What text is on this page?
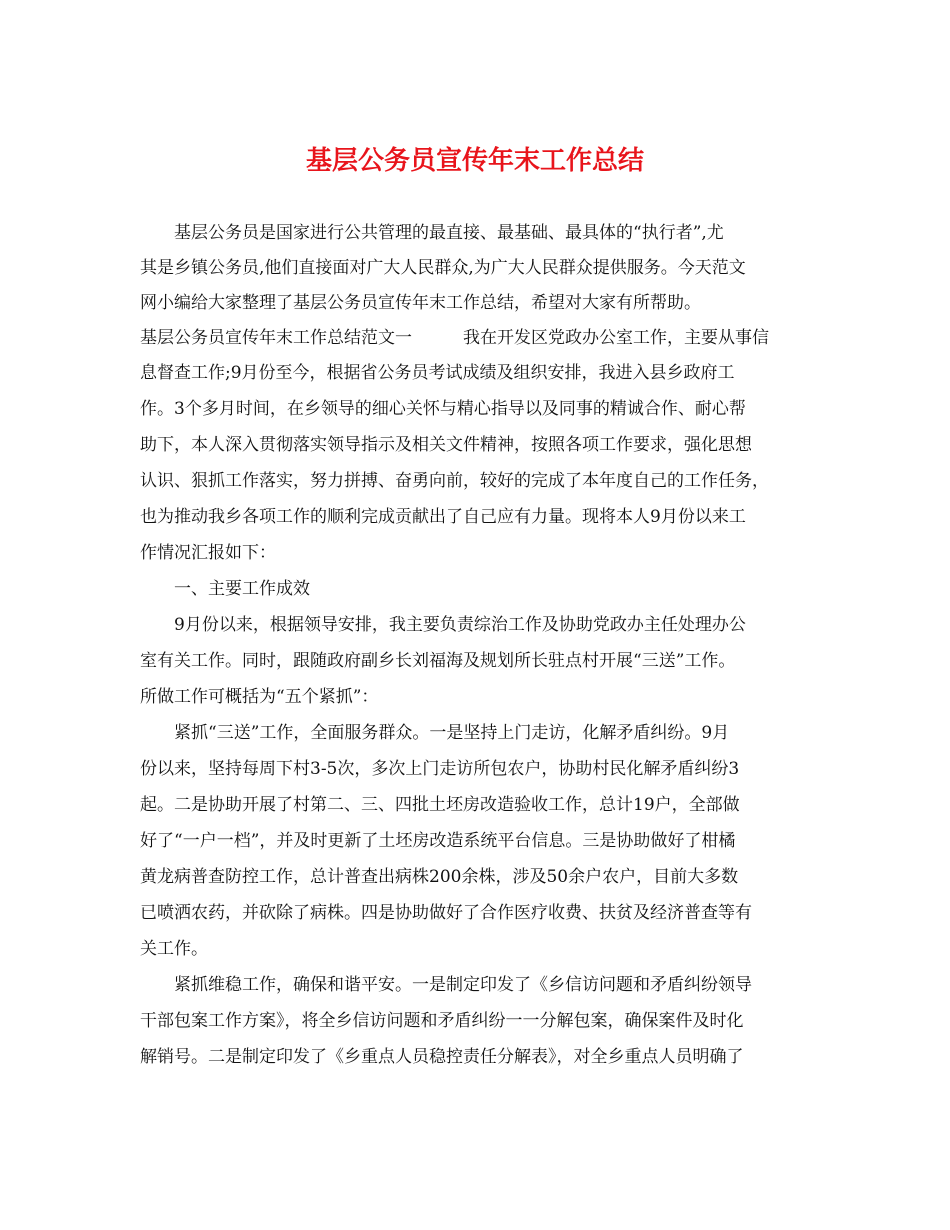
基层公务员宣传年末工作总结

基层公务员是国家进行公共管理的最直接、最基础、最具体的“执行者”,尤

其是乡镇公务员,他们直接面对广大人民群众,为广大人民群众提供服务。今天范文

网小编给大家整理了基层公务员宣传年末工作总结，希望对大家有所帮助。

基层公务员宣传年末工作总结范文一　　　我在开发区党政办公室工作，主要从事信

息督查工作;9月份至今，根据省公务员考试成绩及组织安排，我进入县乡政府工

作。3个多月时间，在乡领导的细心关怀与精心指导以及同事的精诚合作、耐心帮

助下，本人深入贯彻落实领导指示及相关文件精神，按照各项工作要求，强化思想

认识、狠抓工作落实，努力拼搏、奋勇向前，较好的完成了本年度自己的工作任务，

也为推动我乡各项工作的顺利完成贡献出了自己应有力量。现将本人9月份以来工

作情况汇报如下：

一、主要工作成效

9月份以来，根据领导安排，我主要负责综治工作及协助党政办主任处理办公

室有关工作。同时，跟随政府副乡长刘福海及规划所长驻点村开展“三送”工作。

所做工作可概括为“五个紧抓”：

紧抓“三送”工作，全面服务群众。一是坚持上门走访，化解矛盾纠纷。9月

份以来，坚持每周下村3-5次，多次上门走访所包农户，协助村民化解矛盾纠纷3

起。二是协助开展了村第二、三、四批土坯房改造验收工作，总计19户，全部做

好了“一户一档”，并及时更新了土坯房改造系统平台信息。三是协助做好了柑橘

黄龙病普查防控工作，总计普查出病株200余株，涉及50余户农户，目前大多数

已喷洒农药，并砍除了病株。四是协助做好了合作医疗收费、扶贫及经济普查等有

关工作。

紧抓维稳工作，确保和谐平安。一是制定印发了《乡信访问题和矛盾纠纷领导

干部包案工作方案》，将全乡信访问题和矛盾纠纷一一分解包案，确保案件及时化

解销号。二是制定印发了《乡重点人员稳控责任分解表》，对全乡重点人员明确了
